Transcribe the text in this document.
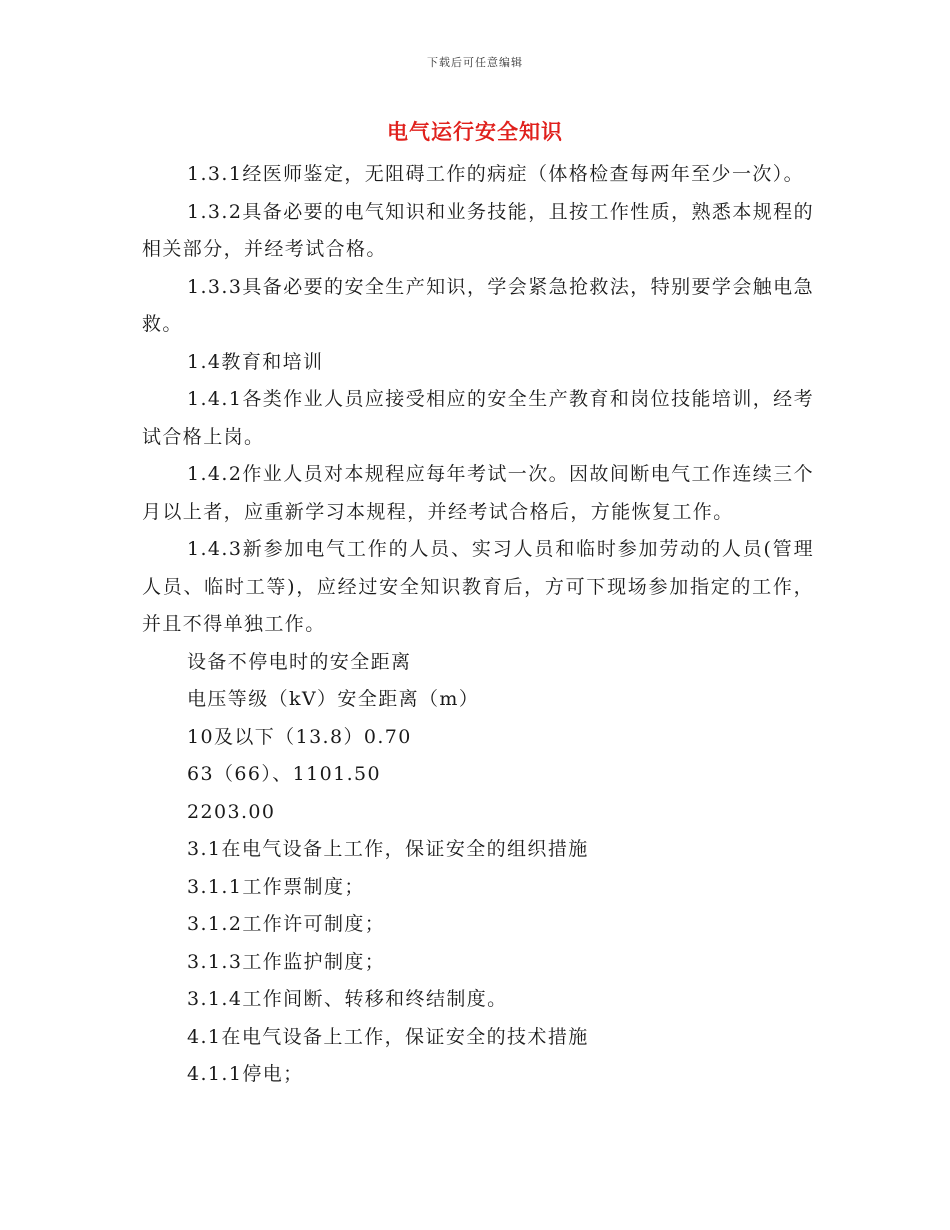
下载后可任意编辑
电气运行安全知识

1.3.1经医师鉴定，无阻碍工作的病症（体格检查每两年至少一次）。

1.3.2具备必要的电气知识和业务技能，且按工作性质，熟悉本规程的相关部分，并经考试合格。

1.3.3具备必要的安全生产知识，学会紧急抢救法，特别要学会触电急救。

1.4教育和培训

1.4.1各类作业人员应接受相应的安全生产教育和岗位技能培训，经考试合格上岗。

1.4.2作业人员对本规程应每年考试一次。因故间断电气工作连续三个月以上者，应重新学习本规程，并经考试合格后，方能恢复工作。

1.4.3新参加电气工作的人员、实习人员和临时参加劳动的人员(管理人员、临时工等)，应经过安全知识教育后，方可下现场参加指定的工作，并且不得单独工作。

设备不停电时的安全距离

电压等级（kV）安全距离（m）

10及以下（13.8）0.70

63（66）、1101.50

2203.00

3.1在电气设备上工作，保证安全的组织措施

3.1.1工作票制度；

3.1.2工作许可制度；

3.1.3工作监护制度；

3.1.4工作间断、转移和终结制度。

4.1在电气设备上工作，保证安全的技术措施

4.1.1停电；
